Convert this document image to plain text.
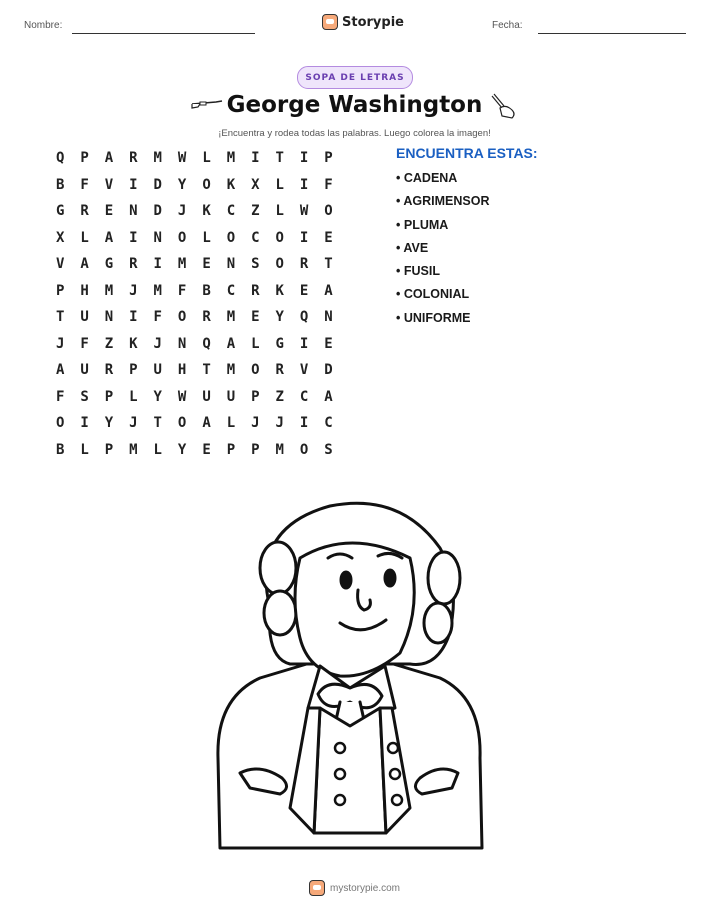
Nombre:	Storypie	Fecha:
SOPA DE LETRAS
George Washington
¡Encuentra y rodea todas las palabras. Luego colorea la imagen!
Q	P	A	R	M	W	L	M	I	T	I	P
B	F	V	I	D	Y	O	K	X	L	I	F
G	R	E	N	D	J	K	C	Z	L	W	O
X	L	A	I	N	O	L	O	C	O	I	E
V	A	G	R	I	M	E	N	S	O	R	T
P	H	M	J	M	F	B	C	R	K	E	A
T	U	N	I	F	O	R	M	E	Y	Q	N
J	F	Z	K	J	N	Q	A	L	G	I	E
A	U	R	P	U	H	T	M	O	R	V	D
F	S	P	L	Y	W	U	U	P	Z	C	A
O	I	Y	J	T	O	A	L	J	J	I	C
B	L	P	M	L	Y	E	P	P	M	O	S
ENCUENTRA ESTAS:
• CADENA
• AGRIMENSOR
• PLUMA
• AVE
• FUSIL
• COLONIAL
• UNIFORME
mystorypie.com
